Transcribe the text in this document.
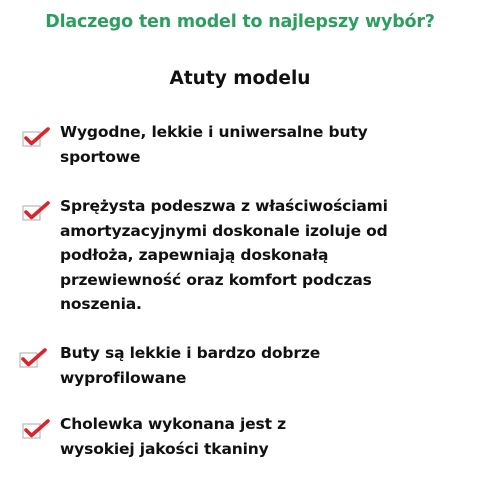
Dlaczego ten model to najlepszy wybór?
Atuty modelu
Wygodne, lekkie i uniwersalne buty
sportowe
Sprężysta podeszwa z właściwościami
amortyzacyjnymi doskonale izoluje od
podłoża, zapewniają doskonałą
przewiewność oraz komfort podczas
noszenia.
Buty są lekkie i bardzo dobrze
wyprofilowane
Cholewka wykonana jest z
wysokiej jakości tkaniny
